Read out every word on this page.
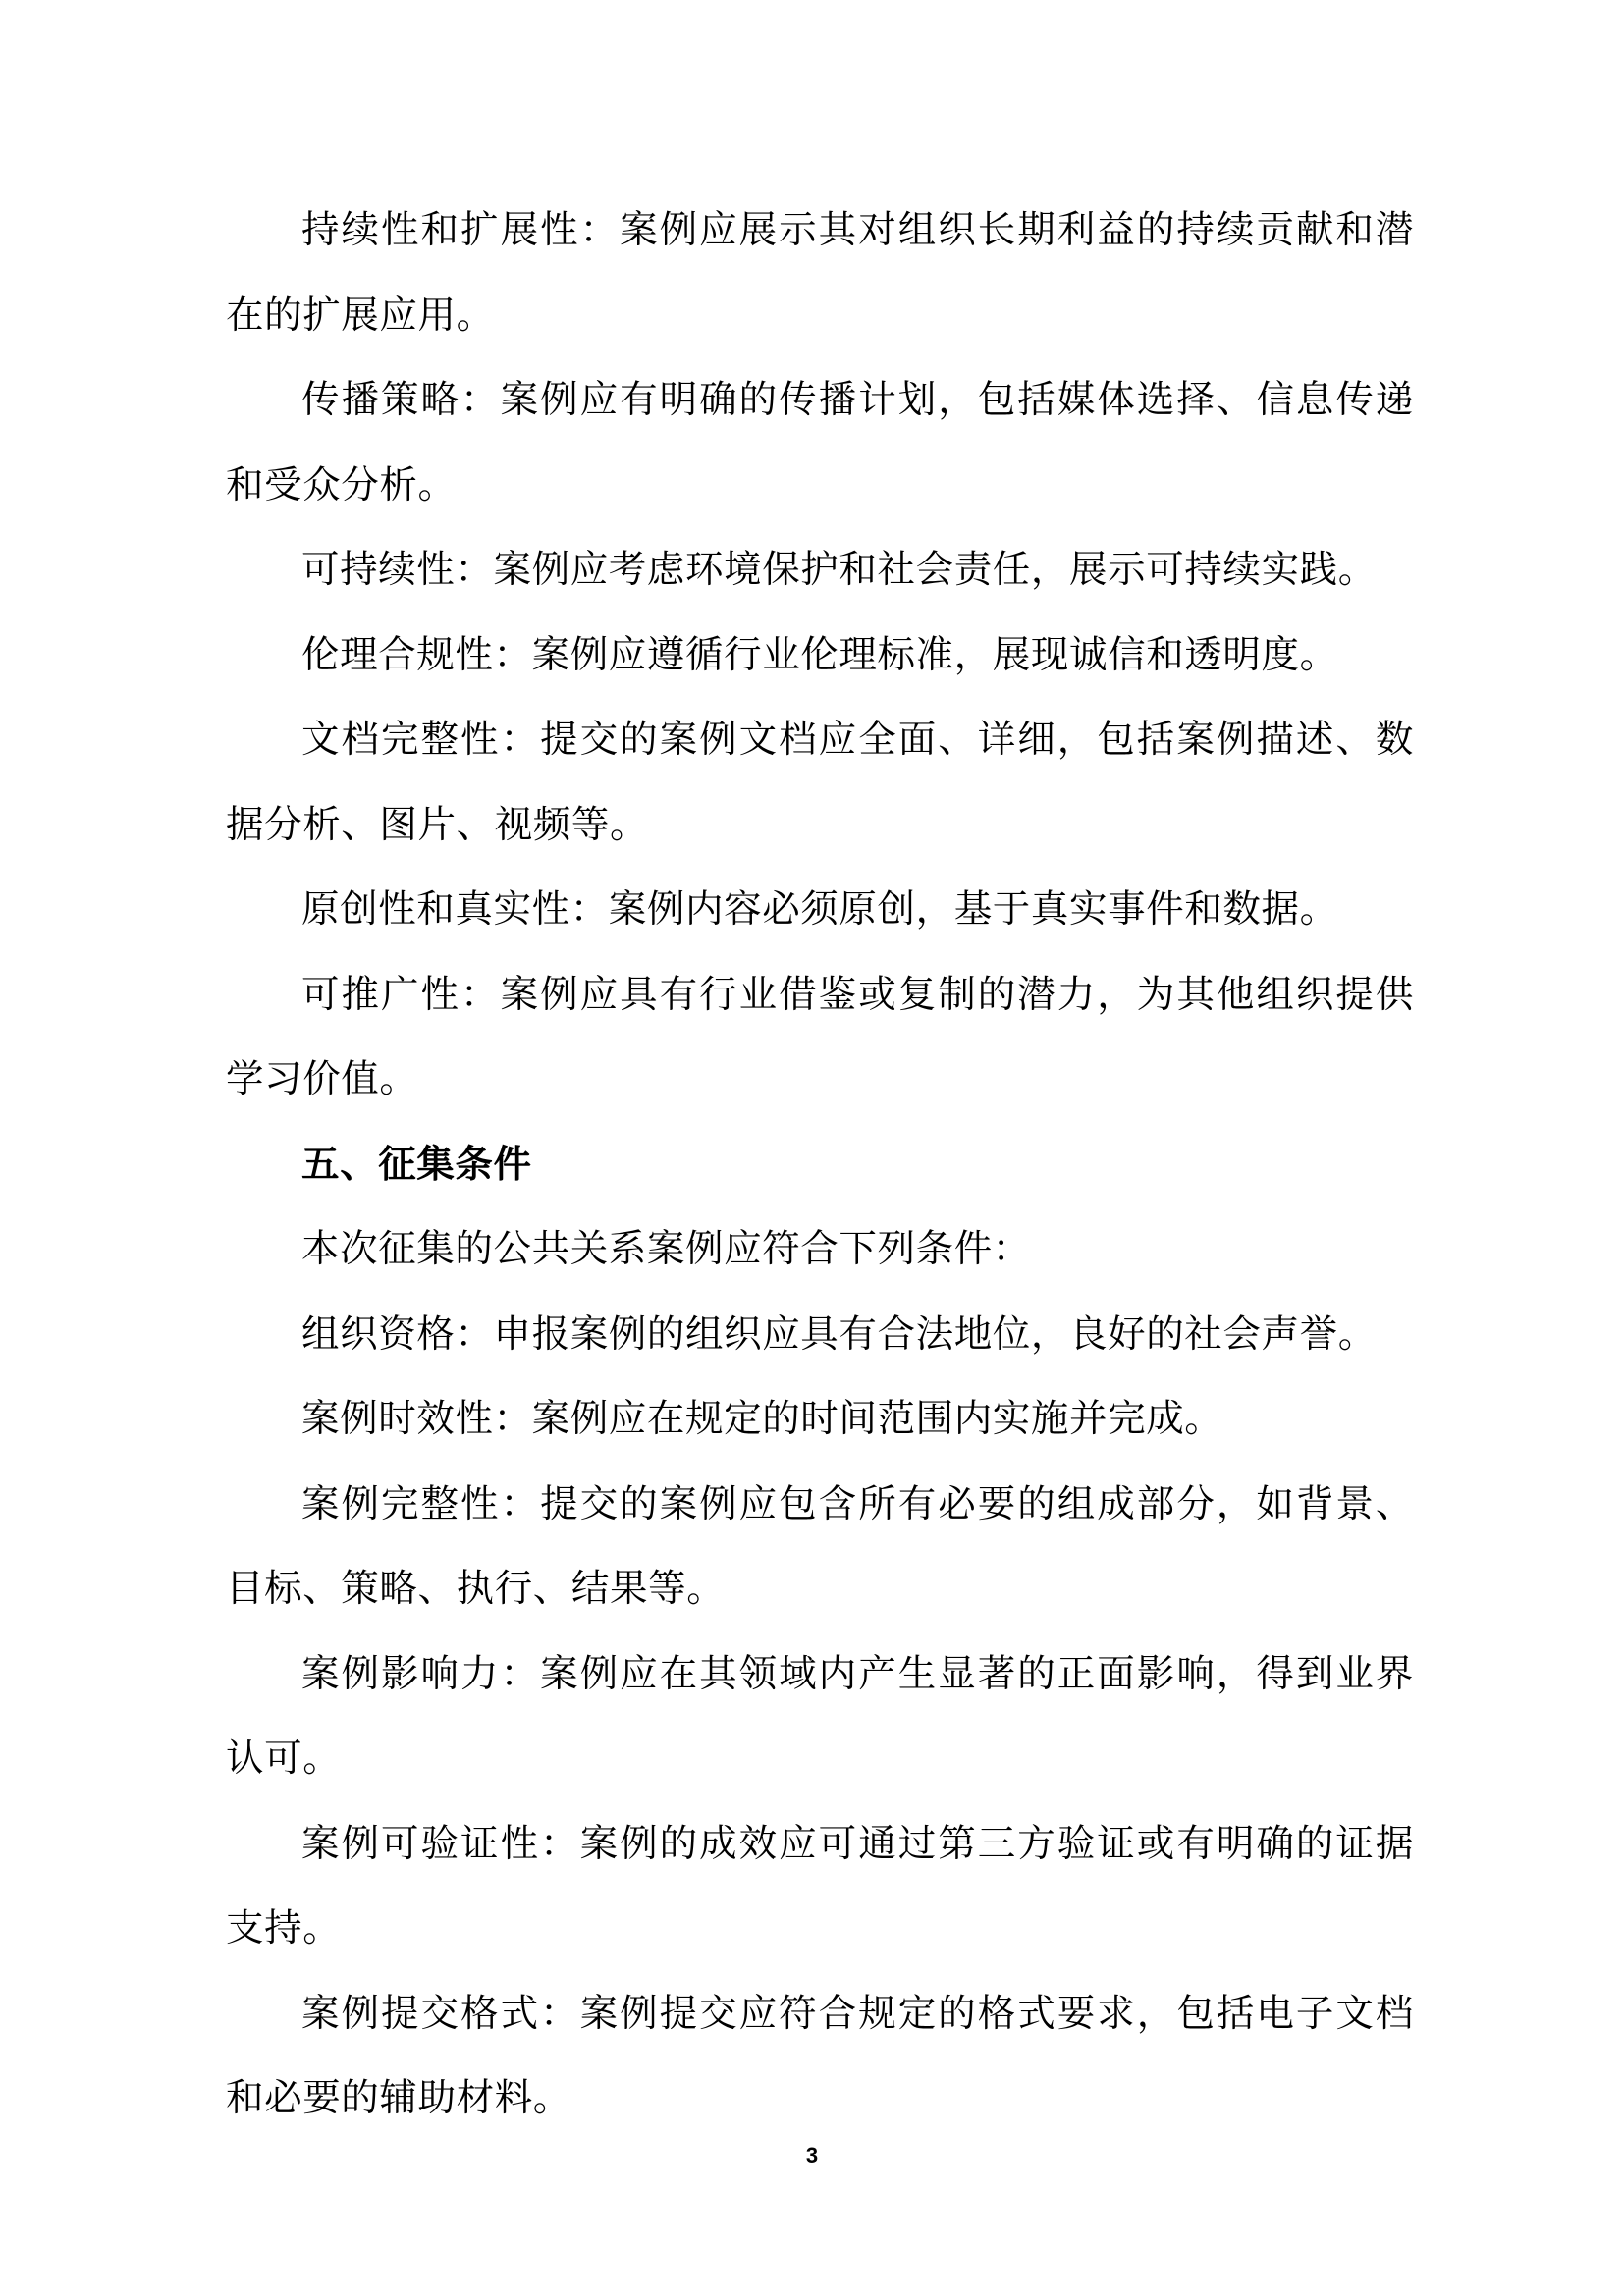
持续性和扩展性：案例应展示其对组织长期利益的持续贡献和潜在的扩展应用。

传播策略：案例应有明确的传播计划，包括媒体选择、信息传递和受众分析。

可持续性：案例应考虑环境保护和社会责任，展示可持续实践。

伦理合规性：案例应遵循行业伦理标准，展现诚信和透明度。

文档完整性：提交的案例文档应全面、详细，包括案例描述、数据分析、图片、视频等。

原创性和真实性：案例内容必须原创，基于真实事件和数据。

可推广性：案例应具有行业借鉴或复制的潜力，为其他组织提供学习价值。

五、征集条件

本次征集的公共关系案例应符合下列条件：

组织资格：申报案例的组织应具有合法地位，良好的社会声誉。

案例时效性：案例应在规定的时间范围内实施并完成。

案例完整性：提交的案例应包含所有必要的组成部分，如背景、目标、策略、执行、结果等。

案例影响力：案例应在其领域内产生显著的正面影响，得到业界认可。

案例可验证性：案例的成效应可通过第三方验证或有明确的证据支持。

案例提交格式：案例提交应符合规定的格式要求，包括电子文档和必要的辅助材料。

3
